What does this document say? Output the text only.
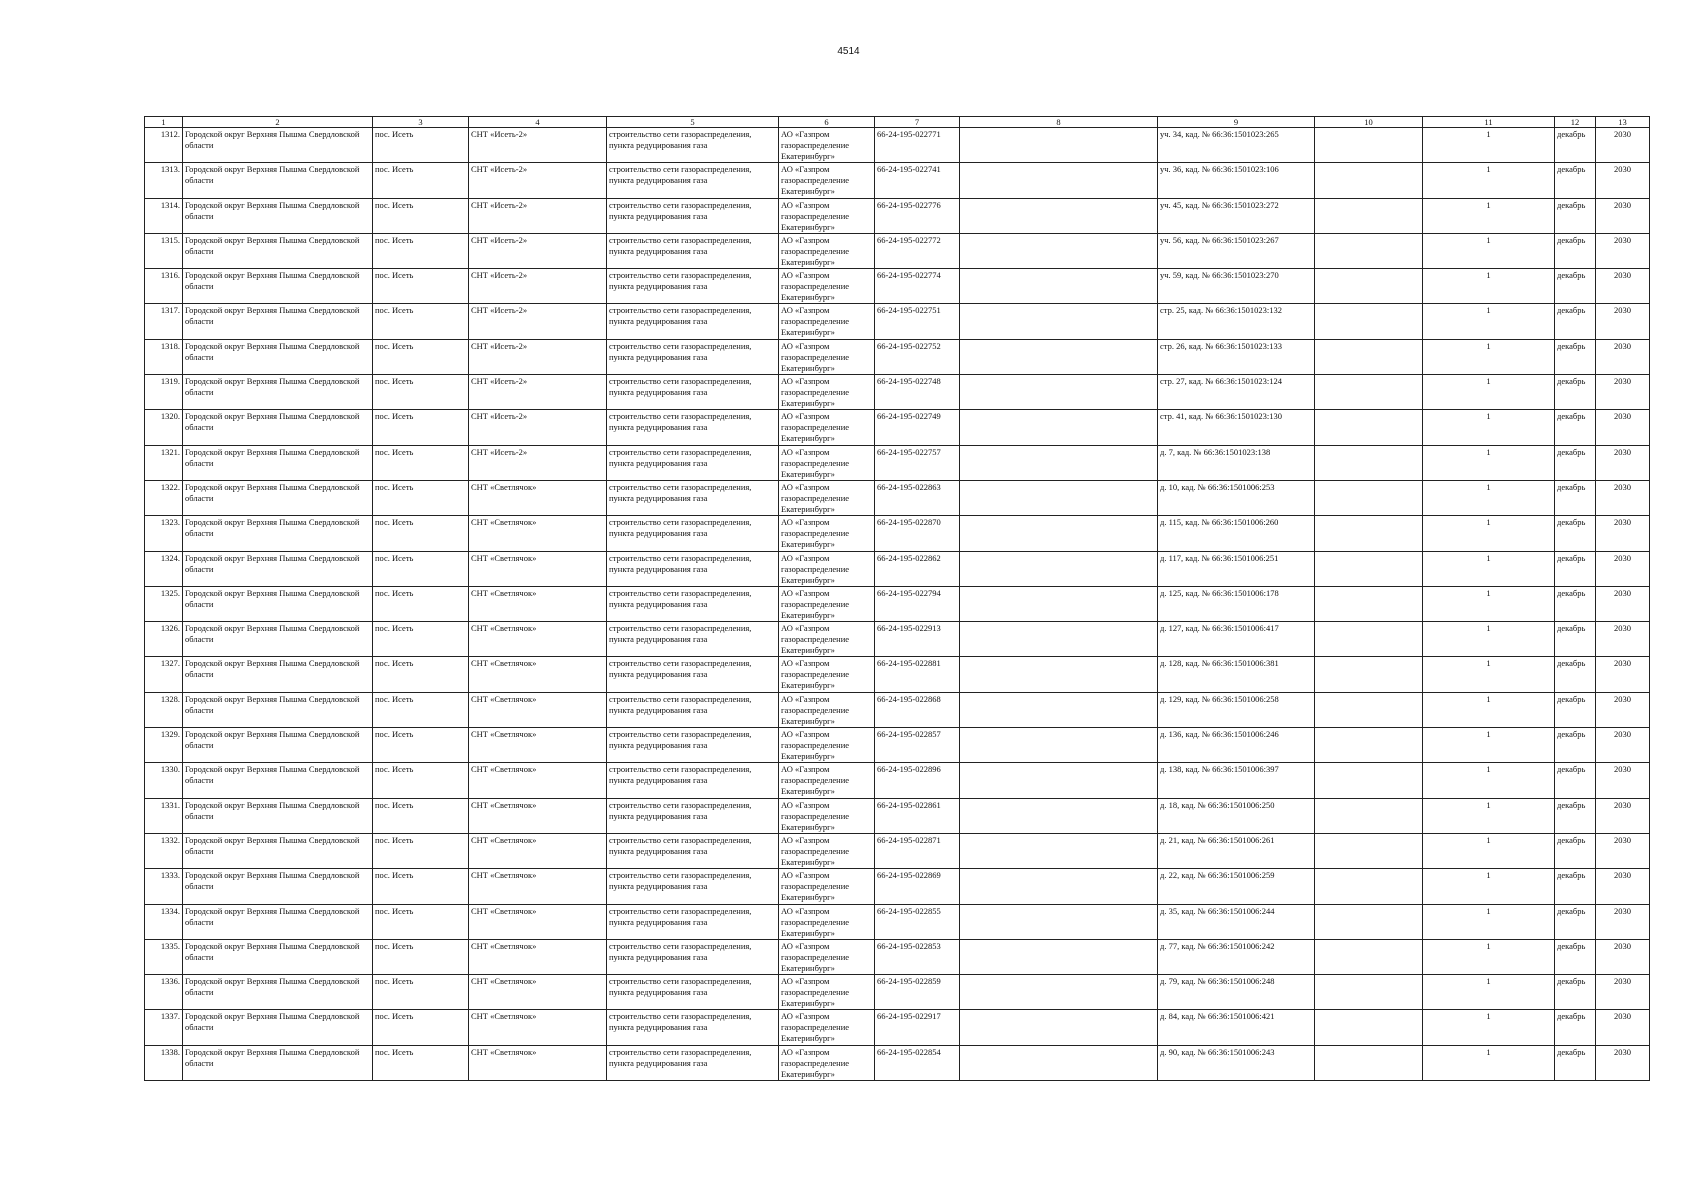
4514
1	2	3	4	5	6	7	8	9	10	11	12	13
1312.	Городской округ Верхняя Пышма Свердловской области	пос. Исеть	СНТ «Исеть-2»	строительство сети газораспределения, пункта редуцирования газа	АО «Газпром газораспределение Екатеринбург»	66-24-195-022771		уч. 34, кад. № 66:36:1501023:265		1	декабрь	2030
1313.	Городской округ Верхняя Пышма Свердловской области	пос. Исеть	СНТ «Исеть-2»	строительство сети газораспределения, пункта редуцирования газа	АО «Газпром газораспределение Екатеринбург»	66-24-195-022741		уч. 36, кад. № 66:36:1501023:106		1	декабрь	2030
1314.	Городской округ Верхняя Пышма Свердловской области	пос. Исеть	СНТ «Исеть-2»	строительство сети газораспределения, пункта редуцирования газа	АО «Газпром газораспределение Екатеринбург»	66-24-195-022776		уч. 45, кад. № 66:36:1501023:272		1	декабрь	2030
1315.	Городской округ Верхняя Пышма Свердловской области	пос. Исеть	СНТ «Исеть-2»	строительство сети газораспределения, пункта редуцирования газа	АО «Газпром газораспределение Екатеринбург»	66-24-195-022772		уч. 56, кад. № 66:36:1501023:267		1	декабрь	2030
1316.	Городской округ Верхняя Пышма Свердловской области	пос. Исеть	СНТ «Исеть-2»	строительство сети газораспределения, пункта редуцирования газа	АО «Газпром газораспределение Екатеринбург»	66-24-195-022774		уч. 59, кад. № 66:36:1501023:270		1	декабрь	2030
1317.	Городской округ Верхняя Пышма Свердловской области	пос. Исеть	СНТ «Исеть-2»	строительство сети газораспределения, пункта редуцирования газа	АО «Газпром газораспределение Екатеринбург»	66-24-195-022751		стр. 25, кад. № 66:36:1501023:132		1	декабрь	2030
1318.	Городской округ Верхняя Пышма Свердловской области	пос. Исеть	СНТ «Исеть-2»	строительство сети газораспределения, пункта редуцирования газа	АО «Газпром газораспределение Екатеринбург»	66-24-195-022752		стр. 26, кад. № 66:36:1501023:133		1	декабрь	2030
1319.	Городской округ Верхняя Пышма Свердловской области	пос. Исеть	СНТ «Исеть-2»	строительство сети газораспределения, пункта редуцирования газа	АО «Газпром газораспределение Екатеринбург»	66-24-195-022748		стр. 27, кад. № 66:36:1501023:124		1	декабрь	2030
1320.	Городской округ Верхняя Пышма Свердловской области	пос. Исеть	СНТ «Исеть-2»	строительство сети газораспределения, пункта редуцирования газа	АО «Газпром газораспределение Екатеринбург»	66-24-195-022749		стр. 41, кад. № 66:36:1501023:130		1	декабрь	2030
1321.	Городской округ Верхняя Пышма Свердловской области	пос. Исеть	СНТ «Исеть-2»	строительство сети газораспределения, пункта редуцирования газа	АО «Газпром газораспределение Екатеринбург»	66-24-195-022757		д. 7, кад. № 66:36:1501023:138		1	декабрь	2030
1322.	Городской округ Верхняя Пышма Свердловской области	пос. Исеть	СНТ «Светлячок»	строительство сети газораспределения, пункта редуцирования газа	АО «Газпром газораспределение Екатеринбург»	66-24-195-022863		д. 10, кад. № 66:36:1501006:253		1	декабрь	2030
1323.	Городской округ Верхняя Пышма Свердловской области	пос. Исеть	СНТ «Светлячок»	строительство сети газораспределения, пункта редуцирования газа	АО «Газпром газораспределение Екатеринбург»	66-24-195-022870		д. 115, кад. № 66:36:1501006:260		1	декабрь	2030
1324.	Городской округ Верхняя Пышма Свердловской области	пос. Исеть	СНТ «Светлячок»	строительство сети газораспределения, пункта редуцирования газа	АО «Газпром газораспределение Екатеринбург»	66-24-195-022862		д. 117, кад. № 66:36:1501006:251		1	декабрь	2030
1325.	Городской округ Верхняя Пышма Свердловской области	пос. Исеть	СНТ «Светлячок»	строительство сети газораспределения, пункта редуцирования газа	АО «Газпром газораспределение Екатеринбург»	66-24-195-022794		д. 125, кад. № 66:36:1501006:178		1	декабрь	2030
1326.	Городской округ Верхняя Пышма Свердловской области	пос. Исеть	СНТ «Светлячок»	строительство сети газораспределения, пункта редуцирования газа	АО «Газпром газораспределение Екатеринбург»	66-24-195-022913		д. 127, кад. № 66:36:1501006:417		1	декабрь	2030
1327.	Городской округ Верхняя Пышма Свердловской области	пос. Исеть	СНТ «Светлячок»	строительство сети газораспределения, пункта редуцирования газа	АО «Газпром газораспределение Екатеринбург»	66-24-195-022881		д. 128, кад. № 66:36:1501006:381		1	декабрь	2030
1328.	Городской округ Верхняя Пышма Свердловской области	пос. Исеть	СНТ «Светлячок»	строительство сети газораспределения, пункта редуцирования газа	АО «Газпром газораспределение Екатеринбург»	66-24-195-022868		д. 129, кад. № 66:36:1501006:258		1	декабрь	2030
1329.	Городской округ Верхняя Пышма Свердловской области	пос. Исеть	СНТ «Светлячок»	строительство сети газораспределения, пункта редуцирования газа	АО «Газпром газораспределение Екатеринбург»	66-24-195-022857		д. 136, кад. № 66:36:1501006:246		1	декабрь	2030
1330.	Городской округ Верхняя Пышма Свердловской области	пос. Исеть	СНТ «Светлячок»	строительство сети газораспределения, пункта редуцирования газа	АО «Газпром газораспределение Екатеринбург»	66-24-195-022896		д. 138, кад. № 66:36:1501006:397		1	декабрь	2030
1331.	Городской округ Верхняя Пышма Свердловской области	пос. Исеть	СНТ «Светлячок»	строительство сети газораспределения, пункта редуцирования газа	АО «Газпром газораспределение Екатеринбург»	66-24-195-022861		д. 18, кад. № 66:36:1501006:250		1	декабрь	2030
1332.	Городской округ Верхняя Пышма Свердловской области	пос. Исеть	СНТ «Светлячок»	строительство сети газораспределения, пункта редуцирования газа	АО «Газпром газораспределение Екатеринбург»	66-24-195-022871		д. 21, кад. № 66:36:1501006:261		1	декабрь	2030
1333.	Городской округ Верхняя Пышма Свердловской области	пос. Исеть	СНТ «Светлячок»	строительство сети газораспределения, пункта редуцирования газа	АО «Газпром газораспределение Екатеринбург»	66-24-195-022869		д. 22, кад. № 66:36:1501006:259		1	декабрь	2030
1334.	Городской округ Верхняя Пышма Свердловской области	пос. Исеть	СНТ «Светлячок»	строительство сети газораспределения, пункта редуцирования газа	АО «Газпром газораспределение Екатеринбург»	66-24-195-022855		д. 35, кад. № 66:36:1501006:244		1	декабрь	2030
1335.	Городской округ Верхняя Пышма Свердловской области	пос. Исеть	СНТ «Светлячок»	строительство сети газораспределения, пункта редуцирования газа	АО «Газпром газораспределение Екатеринбург»	66-24-195-022853		д. 77, кад. № 66:36:1501006:242		1	декабрь	2030
1336.	Городской округ Верхняя Пышма Свердловской области	пос. Исеть	СНТ «Светлячок»	строительство сети газораспределения, пункта редуцирования газа	АО «Газпром газораспределение Екатеринбург»	66-24-195-022859		д. 79, кад. № 66:36:1501006:248		1	декабрь	2030
1337.	Городской округ Верхняя Пышма Свердловской области	пос. Исеть	СНТ «Светлячок»	строительство сети газораспределения, пункта редуцирования газа	АО «Газпром газораспределение Екатеринбург»	66-24-195-022917		д. 84, кад. № 66:36:1501006:421		1	декабрь	2030
1338.	Городской округ Верхняя Пышма Свердловской области	пос. Исеть	СНТ «Светлячок»	строительство сети газораспределения, пункта редуцирования газа	АО «Газпром газораспределение Екатеринбург»	66-24-195-022854		д. 90, кад. № 66:36:1501006:243		1	декабрь	2030
